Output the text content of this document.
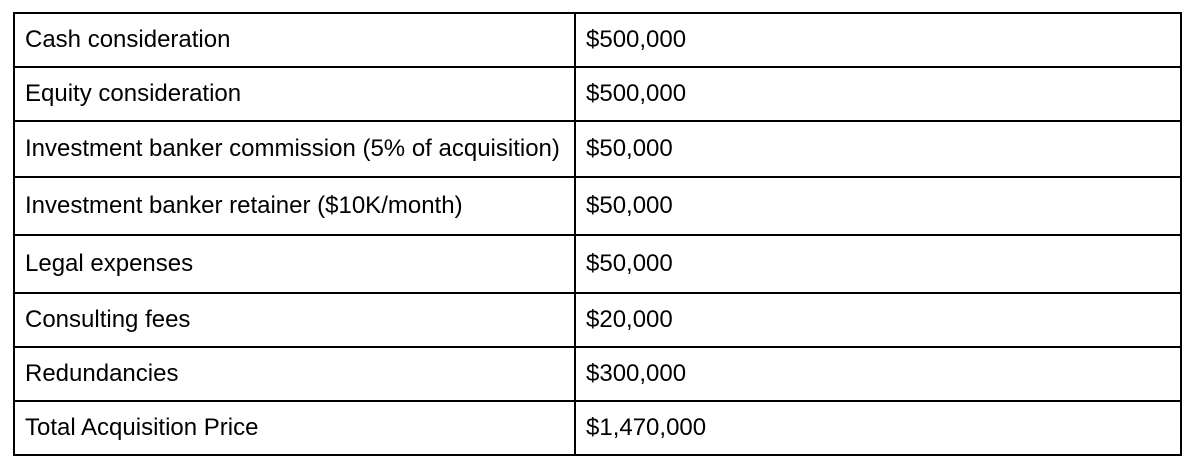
Cash consideration	$500,000
Equity consideration	$500,000
Investment banker commission (5% of acquisition)	$50,000
Investment banker retainer ($10K/month)	$50,000
Legal expenses	$50,000
Consulting fees	$20,000
Redundancies	$300,000
Total Acquisition Price	$1,470,000
